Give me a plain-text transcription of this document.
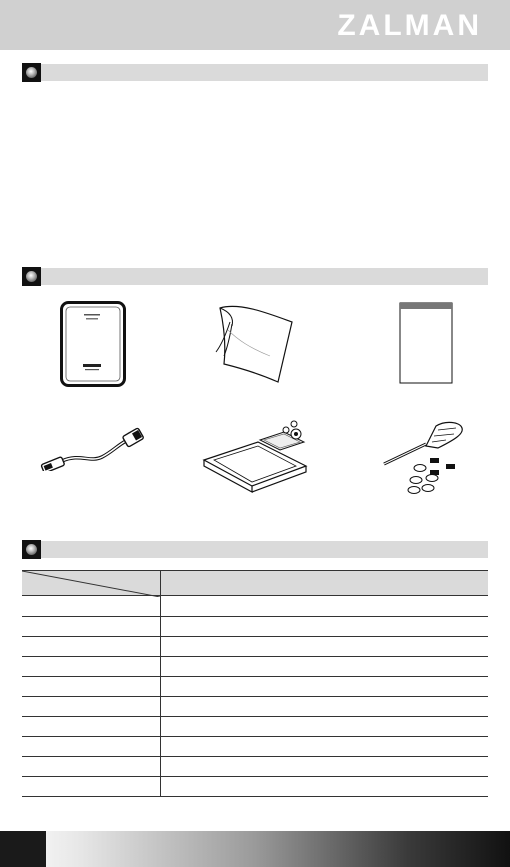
ZALMAN
